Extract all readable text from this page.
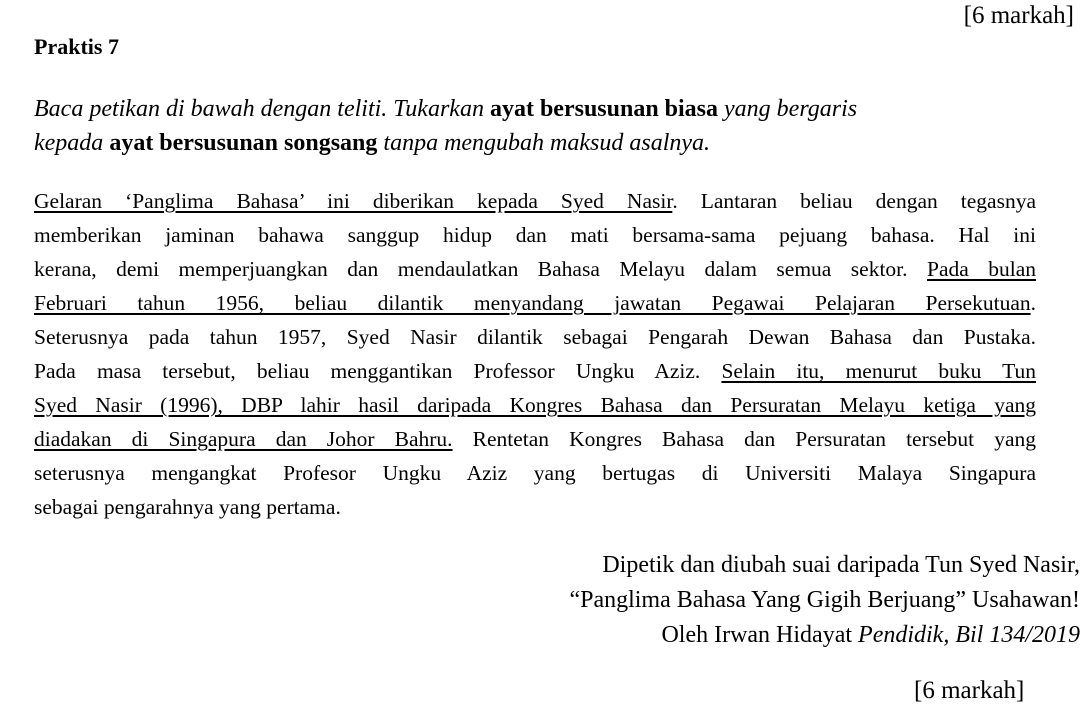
[6 markah]
Praktis 7
Baca petikan di bawah dengan teliti. Tukarkan ayat bersusunan biasa yang bergaris
kepada ayat bersusunan songsang tanpa mengubah maksud asalnya.
Gelaran ‘Panglima Bahasa’ ini diberikan kepada Syed Nasir. Lantaran beliau dengan tegasnya
memberikan jaminan bahawa sanggup hidup dan mati bersama-sama pejuang bahasa. Hal ini
kerana, demi memperjuangkan dan mendaulatkan Bahasa Melayu dalam semua sektor. Pada bulan
Februari tahun 1956, beliau dilantik menyandang jawatan Pegawai Pelajaran Persekutuan.
Seterusnya pada tahun 1957, Syed Nasir dilantik sebagai Pengarah Dewan Bahasa dan Pustaka.
Pada masa tersebut, beliau menggantikan Professor Ungku Aziz. Selain itu, menurut buku Tun
Syed Nasir (1996), DBP lahir hasil daripada Kongres Bahasa dan Persuratan Melayu ketiga yang
diadakan di Singapura dan Johor Bahru. Rentetan Kongres Bahasa dan Persuratan tersebut yang
seterusnya mengangkat Profesor Ungku Aziz yang bertugas di Universiti Malaya Singapura
sebagai pengarahnya yang pertama.
Dipetik dan diubah suai daripada Tun Syed Nasir,
“Panglima Bahasa Yang Gigih Berjuang” Usahawan!
Oleh Irwan Hidayat Pendidik, Bil 134/2019
[6 markah]
